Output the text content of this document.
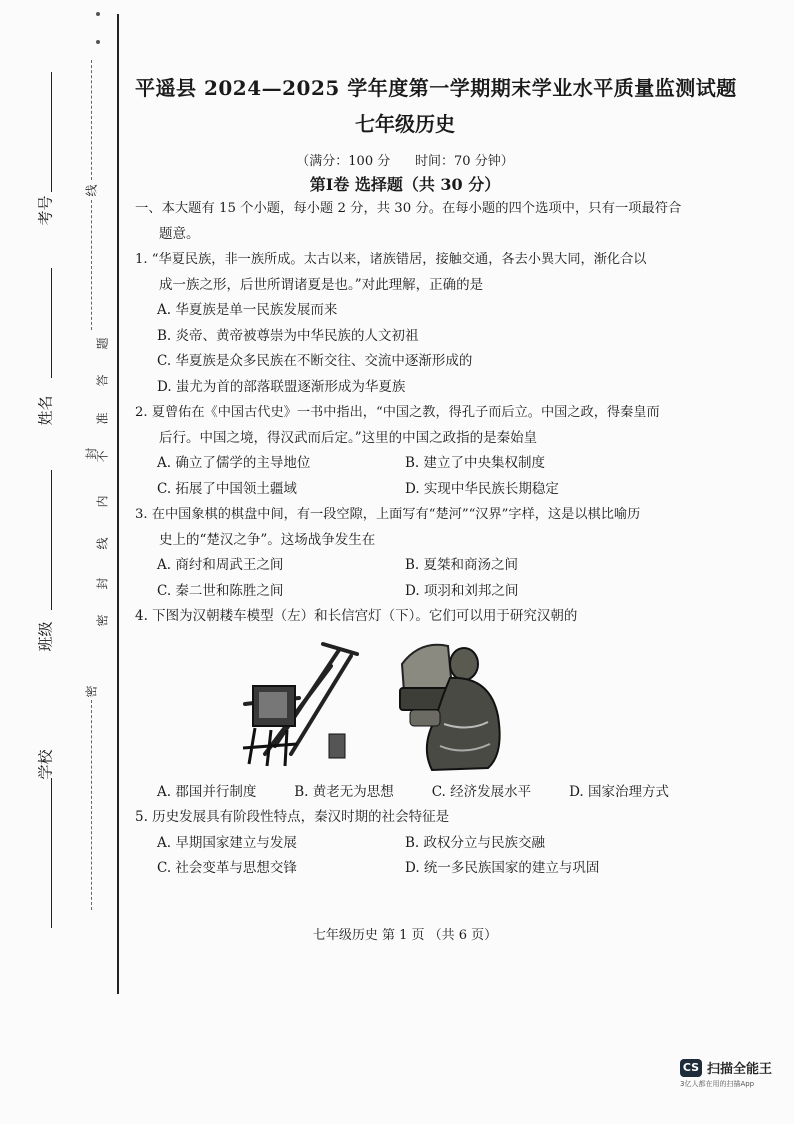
考号
姓名
班级
学校
线
题
答
准
封
不
内
线
封
密
密
平遥县 2024—2025 学年度第一学期期末学业水平质量监测试题
七年级历史
（满分：100 分      时间：70 分钟）
第Ⅰ卷 选择题（共 30 分）
一、本大题有 15 个小题，每小题 2 分，共 30 分。在每小题的四个选项中，只有一项最符合
题意。
1. “华夏民族，非一族所成。太古以来，诸族错居，接触交通，各去小異大同，渐化合以
成一族之形，后世所谓诸夏是也。”对此理解，正确的是
A. 华夏族是单一民族发展而来
B. 炎帝、黄帝被尊崇为中华民族的人文初祖
C. 华夏族是众多民族在不断交往、交流中逐渐形成的
D. 蚩尤为首的部落联盟逐渐形成为华夏族
2. 夏曾佑在《中国古代史》一书中指出，“中国之教，得孔子而后立。中国之政，得秦皇而
后行。中国之境，得汉武而后定。”这里的中国之政指的是秦始皇
A. 确立了儒学的主导地位	B. 建立了中央集权制度
C. 拓展了中国领土疆域	D. 实现中华民族长期稳定
3. 在中国象棋的棋盘中间，有一段空隙，上面写有“楚河”“汉界”字样，这是以棋比喻历
史上的“楚汉之争”。这场战争发生在
A. 商纣和周武王之间	B. 夏桀和商汤之间
C. 秦二世和陈胜之间	D. 项羽和刘邦之间
4. 下图为汉朝耧车模型（左）和长信宫灯（下）。它们可以用于研究汉朝的
A. 郡国并行制度	B. 黄老无为思想	C. 经济发展水平	D. 国家治理方式
5. 历史发展具有阶段性特点，秦汉时期的社会特征是
A. 早期国家建立与发展	B. 政权分立与民族交融
C. 社会变革与思想交锋	D. 统一多民族国家的建立与巩固
七年级历史 第 1 页 （共 6 页）
CS 扫描全能王
3亿人都在用的扫描App
